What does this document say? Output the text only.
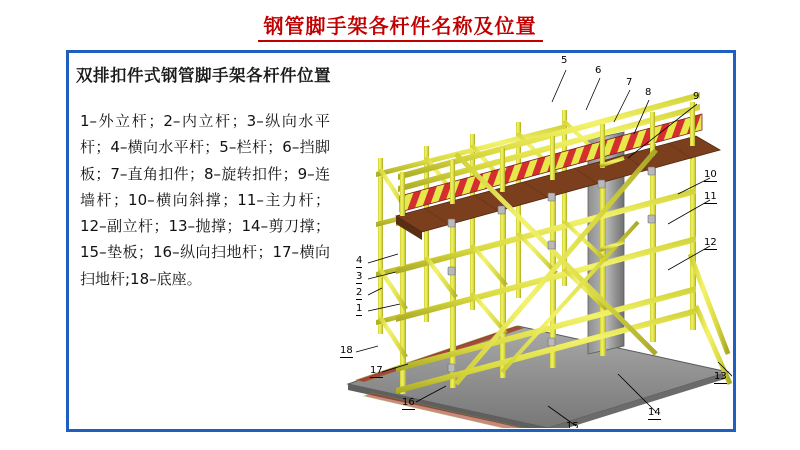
钢管脚手架各杆件名称及位置
双排扣件式钢管脚手架各杆件位置
1–外立杆；2–内立杆；3–纵向水平杆；4–横向水平杆；5–栏杆；6–挡脚板；7–直角扣件；8–旋转扣件；9–连墙杆；10–横向斜撑；11–主力杆；12–副立杆；13–抛撑；14–剪刀撑；15–垫板；16–纵向扫地杆；17–横向扫地杆;18–底座。
5
6
7
8	9
10
11
12
4
3
2
1
18
17
16
15
14
13
